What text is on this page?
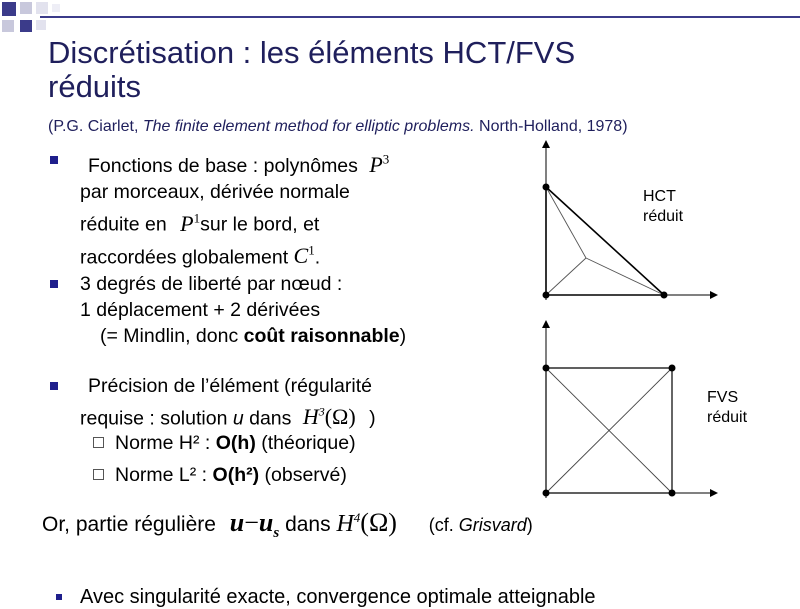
Discrétisation : les éléments HCT/FVS
réduits
(P.G. Ciarlet, The finite element method for elliptic problems. North-Holland, 1978)
Fonctions de base : polynômes $P^3$
par morceaux, dérivée normale
réduite en $P^1sur$ le bord, et
raccordées globalement $C^1$.
3 degrés de liberté par nœud :
1 déplacement + 2 dérivées
(= Mindlin, donc coût raisonnable)
Précision de l’élément (régularité
requise : solution u dans $H^3(\Omega)$ )
Norme H² : O(h) (théorique)
Norme L² : O(h²) (observé)
Or, partie régulière $u-u_s$ dans $H^4(\Omega)$ (cf. Grisvard)
Avec singularité exacte, convergence optimale atteignable
HCT
réduit
FVS
réduit
